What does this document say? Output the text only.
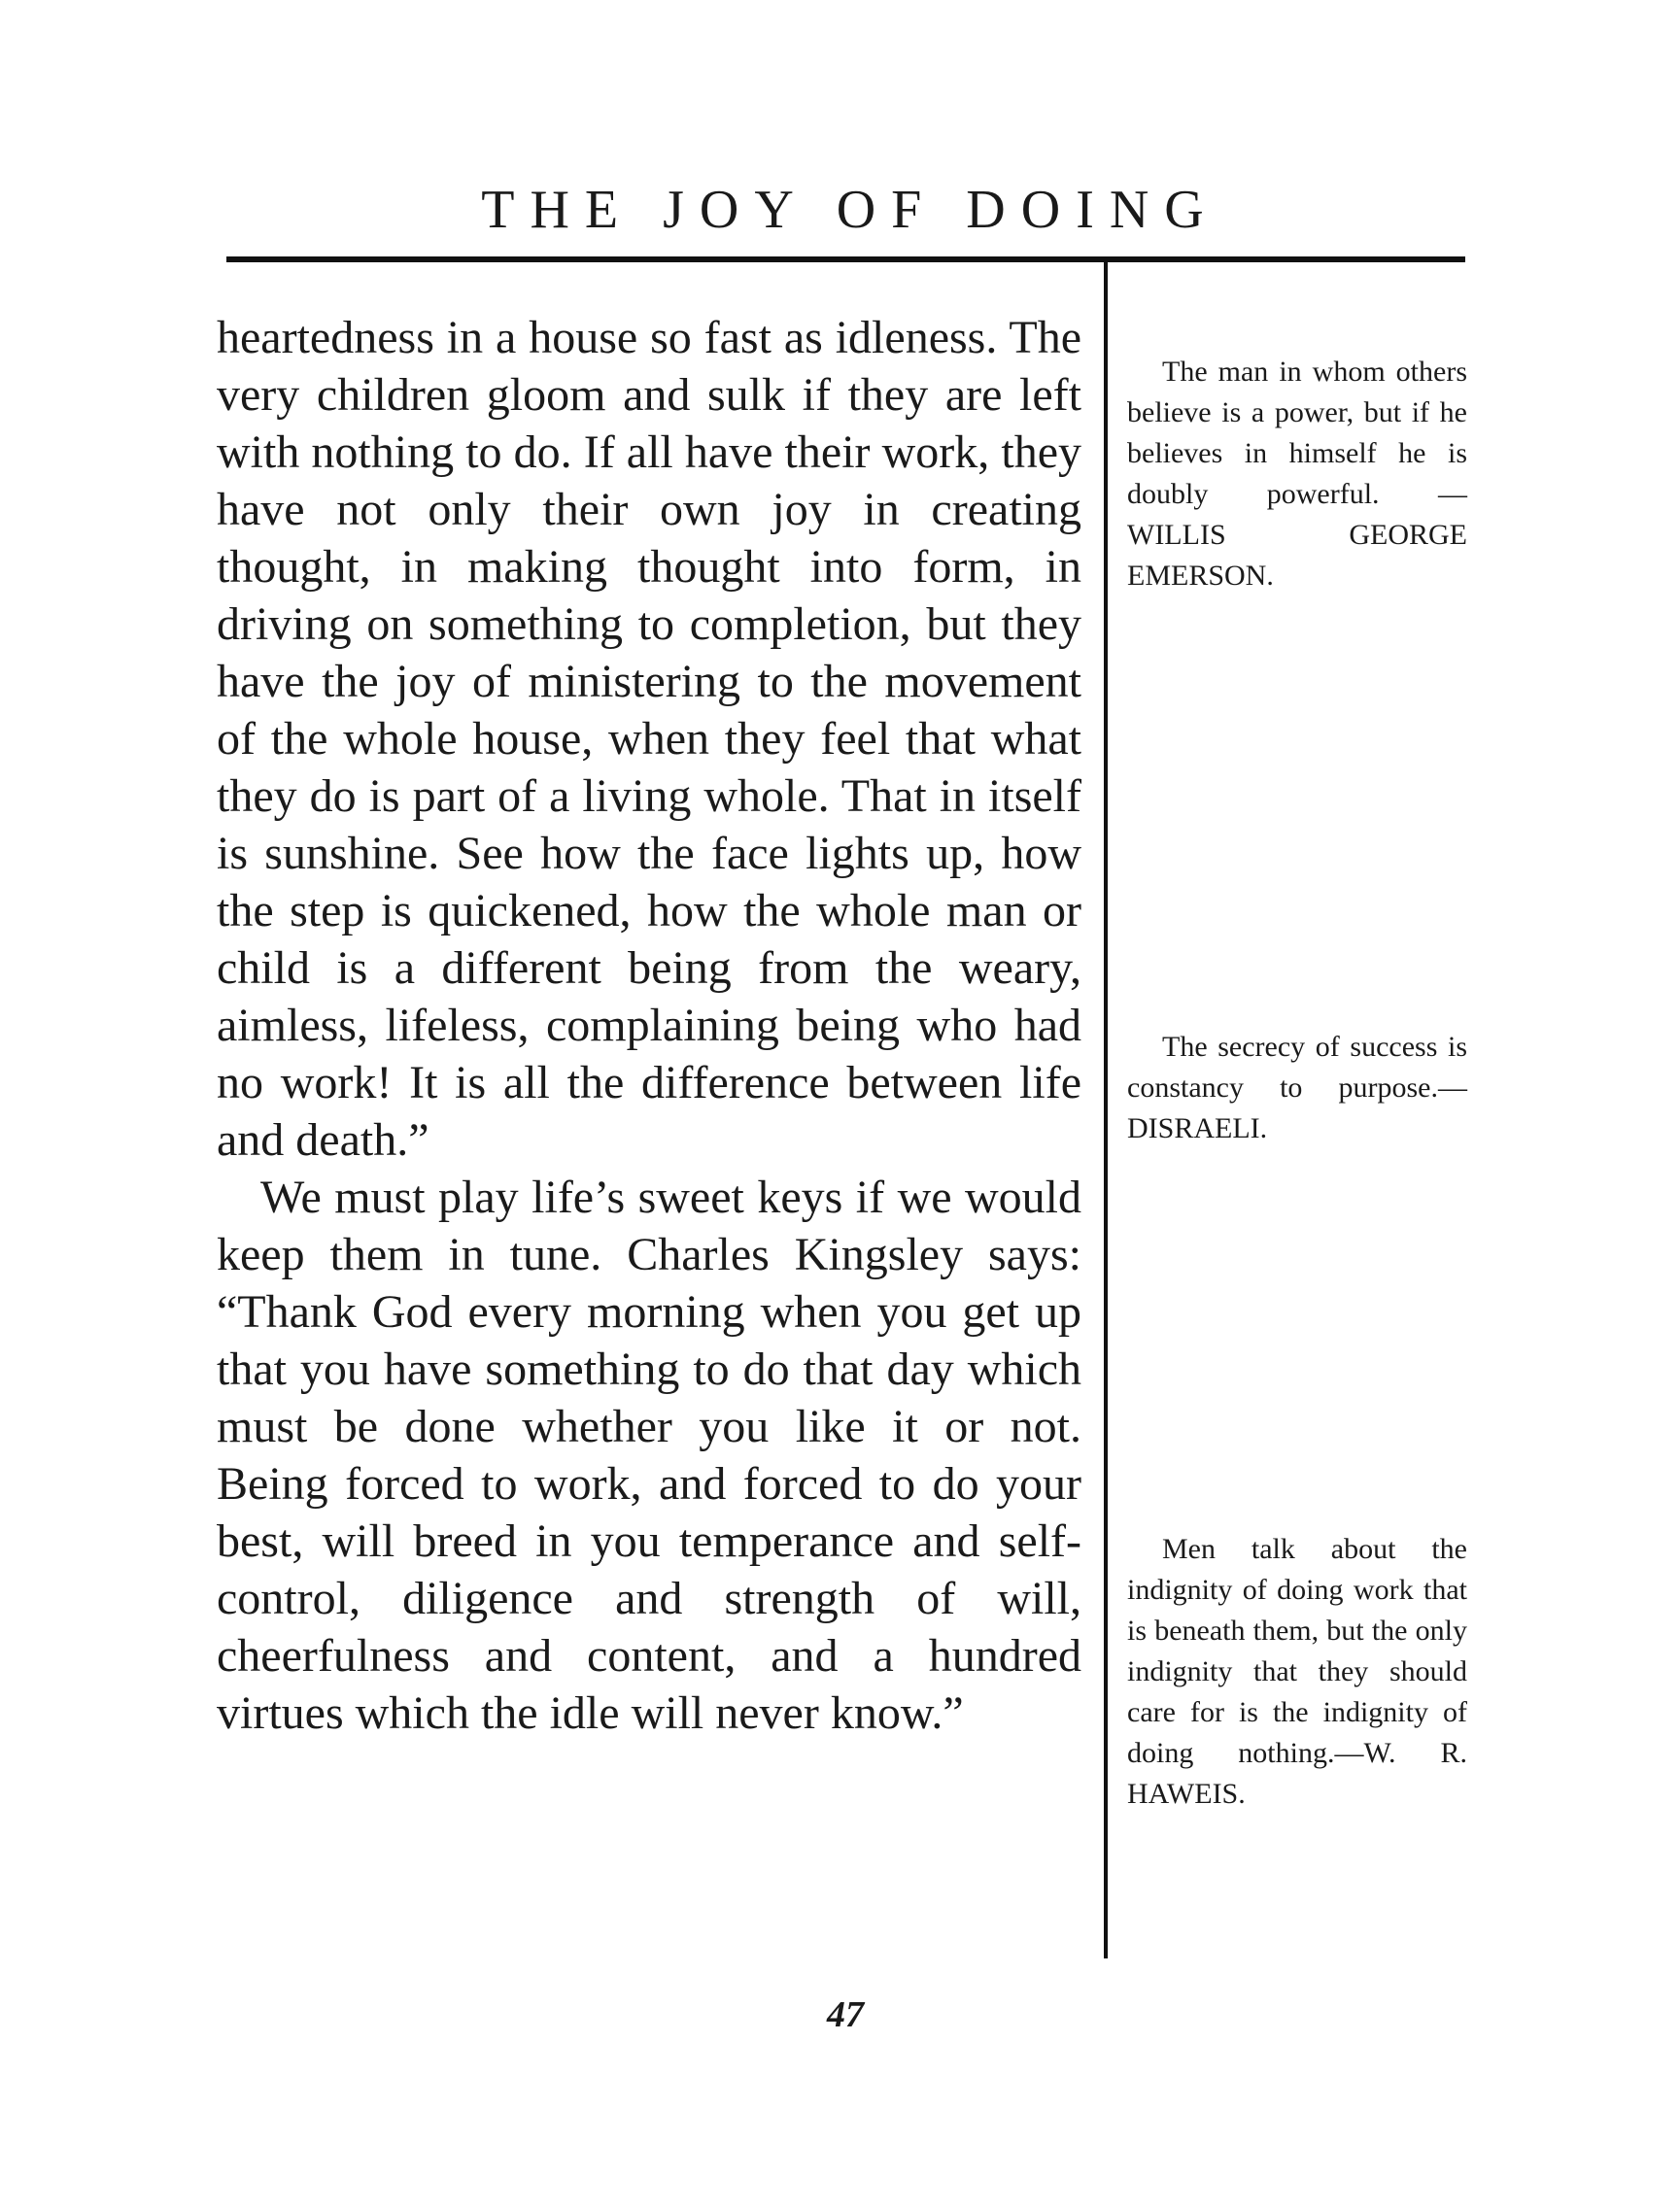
THE JOY OF DOING

heartedness in a house so fast as idleness. The very children gloom and sulk if they are left with nothing to do. If all have their work, they have not only their own joy in creating thought, in making thought into form, in driving on something to completion, but they have the joy of ministering to the movement of the whole house, when they feel that what they do is part of a living whole. That in itself is sunshine. See how the face lights up, how the step is quickened, how the whole man or child is a different being from the weary, aimless, lifeless, complaining being who had no work! It is all the difference between life and death.”

We must play life’s sweet keys if we would keep them in tune. Charles Kingsley says: “Thank God every morning when you get up that you have something to do that day which must be done whether you like it or not. Being forced to work, and forced to do your best, will breed in you temperance and self-control, diligence and strength of will, cheerfulness and content, and a hundred virtues which the idle will never know.”

The man in whom others believe is a power, but if he believes in himself he is doubly powerful. — WILLIS GEORGE EMERSON.

The secrecy of success is constancy to purpose.—DISRAELI.

Men talk about the indignity of doing work that is beneath them, but the only indignity that they should care for is the indignity of doing nothing.—W. R. HAWEIS.

47
